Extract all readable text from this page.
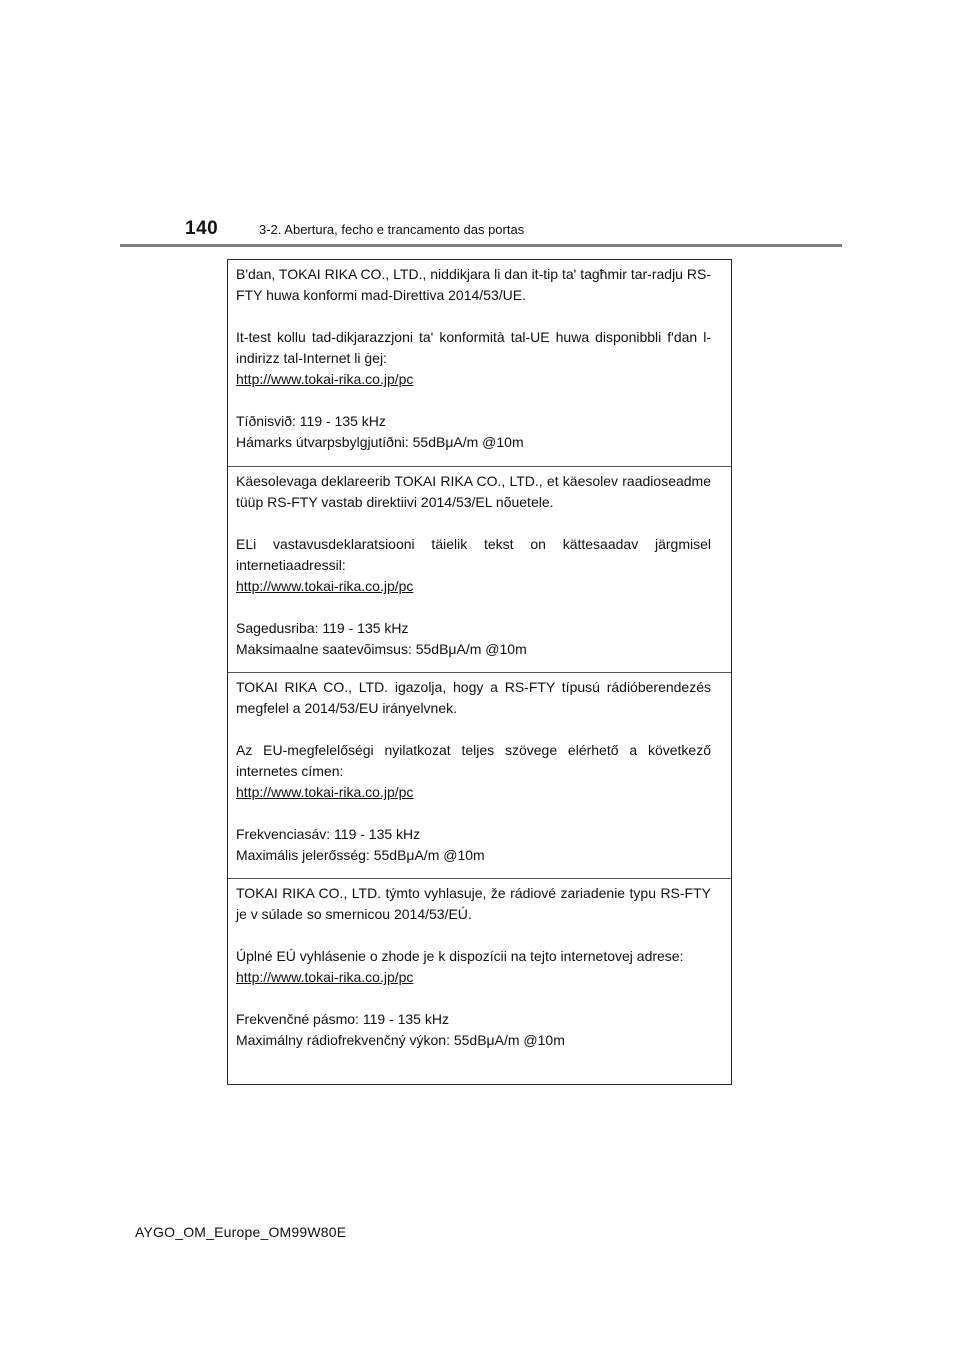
140	3-2. Abertura, fecho e trancamento das portas

B'dan, TOKAI RIKA CO., LTD., niddikjara li dan it-tip ta' tagħmir tar-radju RS-FTY huwa konformi mad-Direttiva 2014/53/UE.

It-test kollu tad-dikjarazzjoni ta' konformità tal-UE huwa disponibbli f'dan l-indirizz tal-Internet li ġej:

http://www.tokai-rika.co.jp/pc

Tíðnisvið: 119 - 135 kHz

Hámarks útvarpsbylgjutíðni: 55dBμA/m @10m

Käesolevaga deklareerib TOKAI RIKA CO., LTD., et käesolev raadioseadme tüüp RS-FTY vastab direktiivi 2014/53/EL nõuetele.

ELi vastavusdeklaratsiooni täielik tekst on kättesaadav järgmisel internetiaadressil:

http://www.tokai-rika.co.jp/pc

Sagedusriba: 119 - 135 kHz

Maksimaalne saatevõimsus: 55dBμA/m @10m

TOKAI RIKA CO., LTD. igazolja, hogy a RS-FTY típusú rádióberendezés megfelel a 2014/53/EU irányelvnek.

Az EU-megfelelőségi nyilatkozat teljes szövege elérhető a következő internetes címen:

http://www.tokai-rika.co.jp/pc

Frekvenciasáv: 119 - 135 kHz

Maximális jelerősség: 55dBμA/m @10m

TOKAI RIKA CO., LTD. týmto vyhlasuje, že rádiové zariadenie typu RS-FTY je v súlade so smernicou 2014/53/EÚ.

Úplné EÚ vyhlásenie o zhode je k dispozícii na tejto internetovej adrese:

http://www.tokai-rika.co.jp/pc

Frekvenčné pásmo: 119 - 135 kHz

Maximálny rádiofrekvenčný výkon: 55dBμA/m @10m

AYGO_OM_Europe_OM99W80E
